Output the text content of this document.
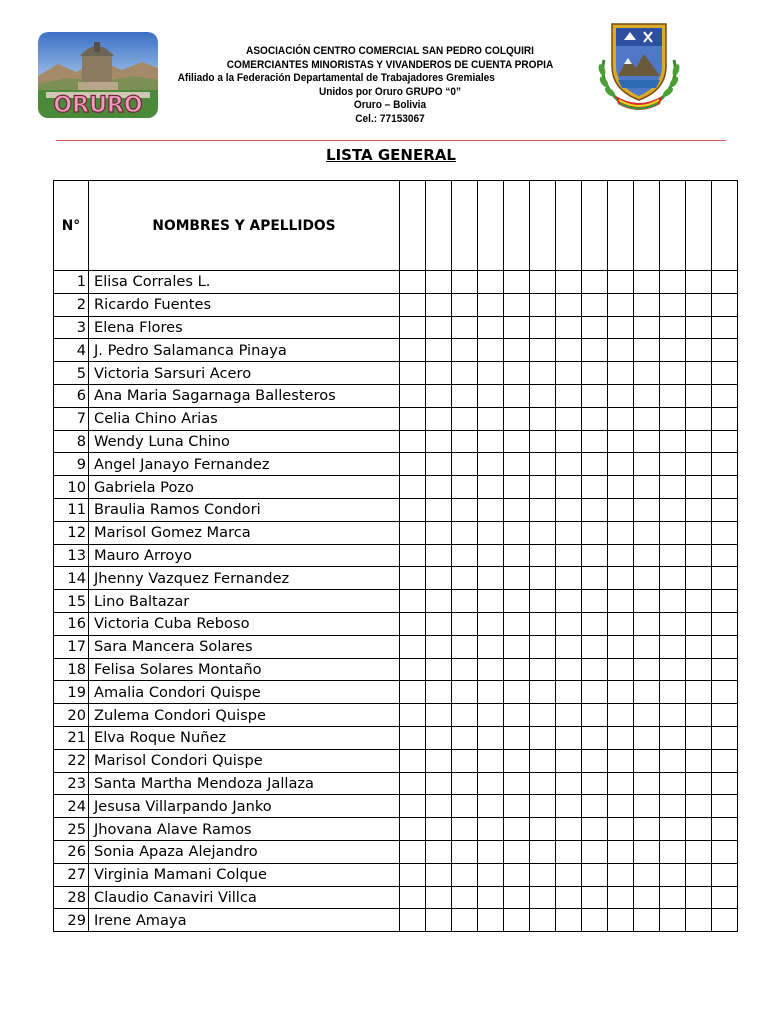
ORURO
ASOCIACIÓN CENTRO COMERCIAL SAN PEDRO COLQUIRI
COMERCIANTES MINORISTAS Y VIVANDEROS DE CUENTA PROPIA
Afiliado a la Federación Departamental de Trabajadores Gremiales
Unidos por Oruro GRUPO “0”
Oruro – Bolivia
Cel.: 77153067
LISTA GENERAL
N°	NOMBRES Y APELLIDOS													
1	Elisa Corrales L.													
2	Ricardo Fuentes													
3	Elena Flores													
4	J. Pedro Salamanca Pinaya													
5	Victoria Sarsuri Acero													
6	Ana Maria Sagarnaga Ballesteros													
7	Celia Chino Arias													
8	Wendy Luna Chino													
9	Angel Janayo Fernandez													
10	Gabriela Pozo													
11	Braulia Ramos Condori													
12	Marisol Gomez Marca													
13	Mauro Arroyo													
14	Jhenny Vazquez Fernandez													
15	Lino Baltazar													
16	Victoria Cuba Reboso													
17	Sara Mancera Solares													
18	Felisa Solares Montaño													
19	Amalia Condori Quispe													
20	Zulema Condori Quispe													
21	Elva Roque Nuñez													
22	Marisol Condori Quispe													
23	Santa Martha Mendoza Jallaza													
24	Jesusa Villarpando Janko													
25	Jhovana Alave Ramos													
26	Sonia Apaza Alejandro													
27	Virginia Mamani Colque													
28	Claudio Canaviri Villca													
29	Irene Amaya													
